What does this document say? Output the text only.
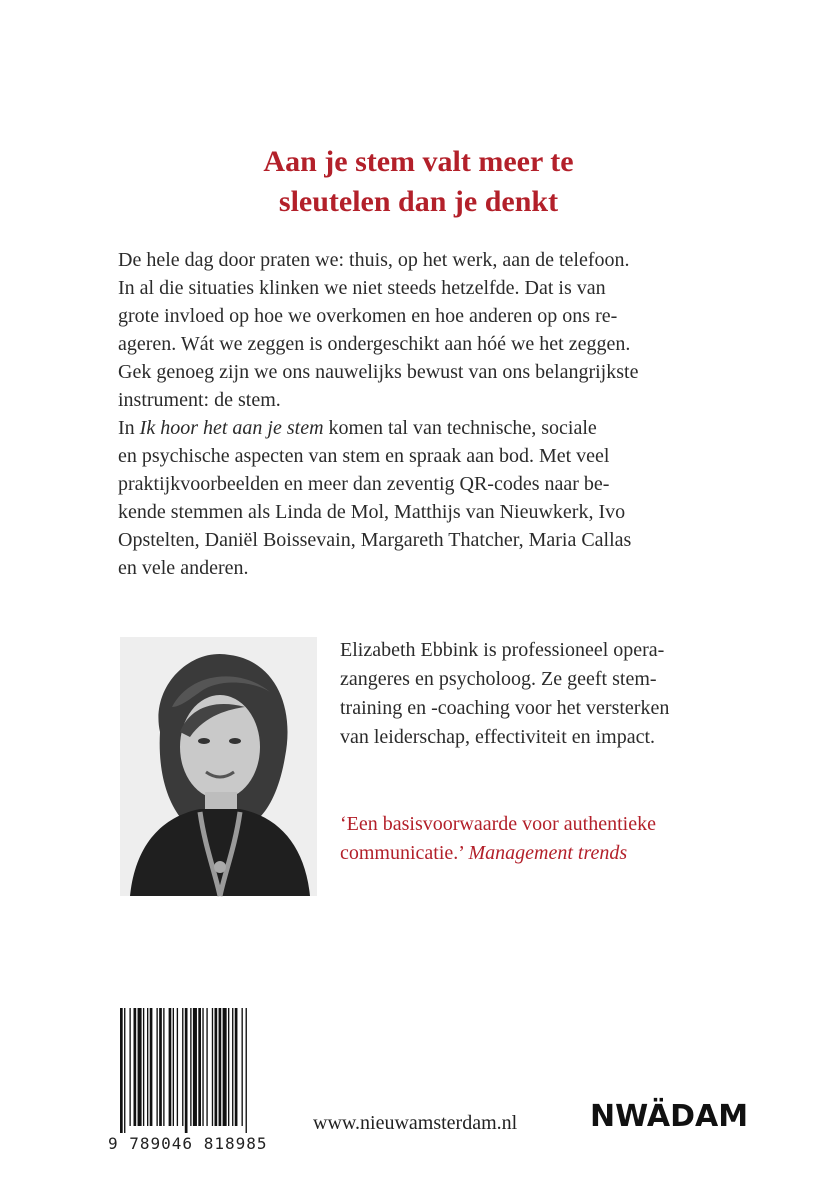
Aan je stem valt meer te
sleutelen dan je denkt
De hele dag door praten we: thuis, op het werk, aan de telefoon.
In al die situaties klinken we niet steeds hetzelfde. Dat is van
grote invloed op hoe we overkomen en hoe anderen op ons re-
ageren. Wát we zeggen is ondergeschikt aan hóé we het zeggen.
Gek genoeg zijn we ons nauwelijks bewust van ons belangrijkste
instrument: de stem.
In Ik hoor het aan je stem komen tal van technische, sociale
en psychische aspecten van stem en spraak aan bod. Met veel
praktijkvoorbeelden en meer dan zeventig QR-codes naar be-
kende stemmen als Linda de Mol, Matthijs van Nieuwkerk, Ivo
Opstelten, Daniël Boissevain, Margareth Thatcher, Maria Callas
en vele anderen.
Elizabeth Ebbink is professioneel opera-
zangeres en psycholoog. Ze geeft stem-
training en -coaching voor het versterken
van leiderschap, effectiviteit en impact.
‘Een basisvoorwaarde voor authentieke
communicatie.’ Management trends
9 789046 818985
www.nieuwamsterdam.nl NWÄDAM
